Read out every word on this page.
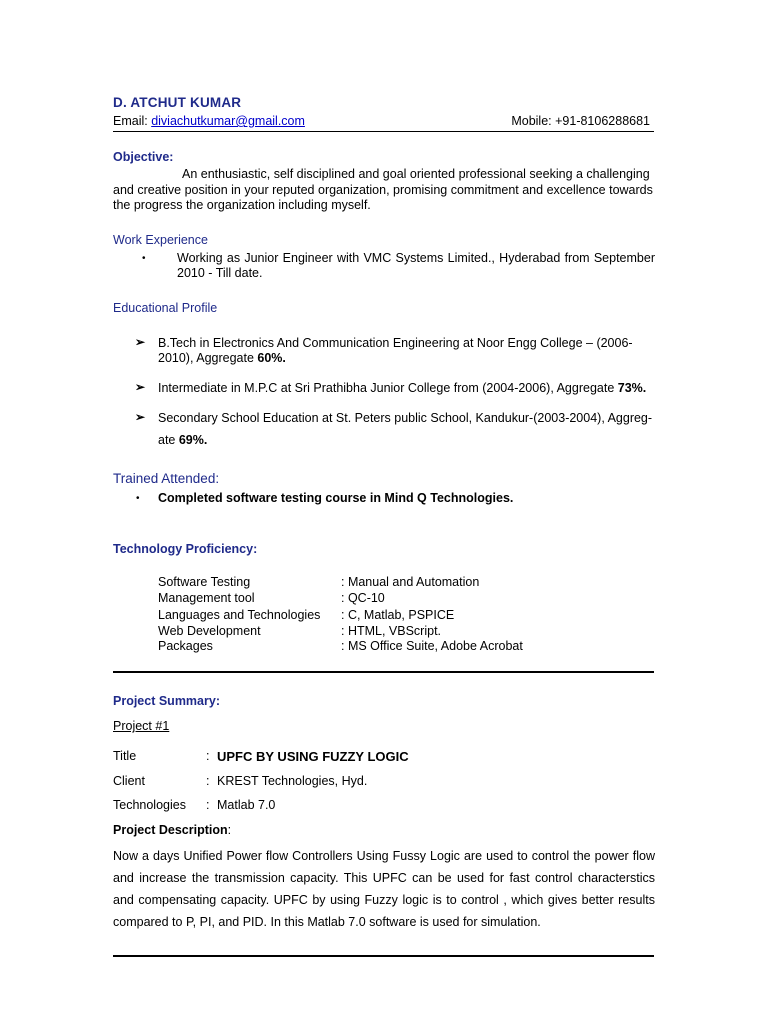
D. ATCHUT KUMAR
Email: diviachutkumar@gmail.com	Mobile: +91-8106288681
Objective:
An enthusiastic, self disciplined and goal oriented professional seeking a challenging
and creative position in your reputed organization, promising commitment and excellence towards
the progress the organization including myself.
Work Experience
•	Working as Junior Engineer with VMC Systems Limited., Hyderabad from September
2010 - Till date.
Educational Profile
➢ B.Tech in Electronics And Communication Engineering at Noor Engg College – (2006-
2010), Aggregate 60%.
➢ Intermediate in M.P.C at Sri Prathibha Junior College from (2004-2006), Aggregate 73%.
➢ Secondary School Education at St. Peters public School, Kandukur-(2003-2004), Aggreg-
ate 69%.
Trained Attended:
• Completed software testing course in Mind Q Technologies.
Technology Proficiency:
Software Testing	: Manual and Automation
Management tool	: QC-10
Languages and Technologies : C, Matlab, PSPICE
Web Development	: HTML, VBScript.
Packages	: MS Office Suite, Adobe Acrobat
Project Summary:
Project #1
Title	: UPFC BY USING FUZZY LOGIC
Client	: KREST Technologies, Hyd.
Technologies : Matlab 7.0
Project Description:
Now a days Unified Power flow Controllers Using Fussy Logic are used to control the power flow
and increase the transmission capacity. This UPFC can be used for fast control characterstics
and compensating capacity. UPFC by using Fuzzy logic is to control , which gives better results
compared to P, PI, and PID. In this Matlab 7.0 software is used for simulation.
